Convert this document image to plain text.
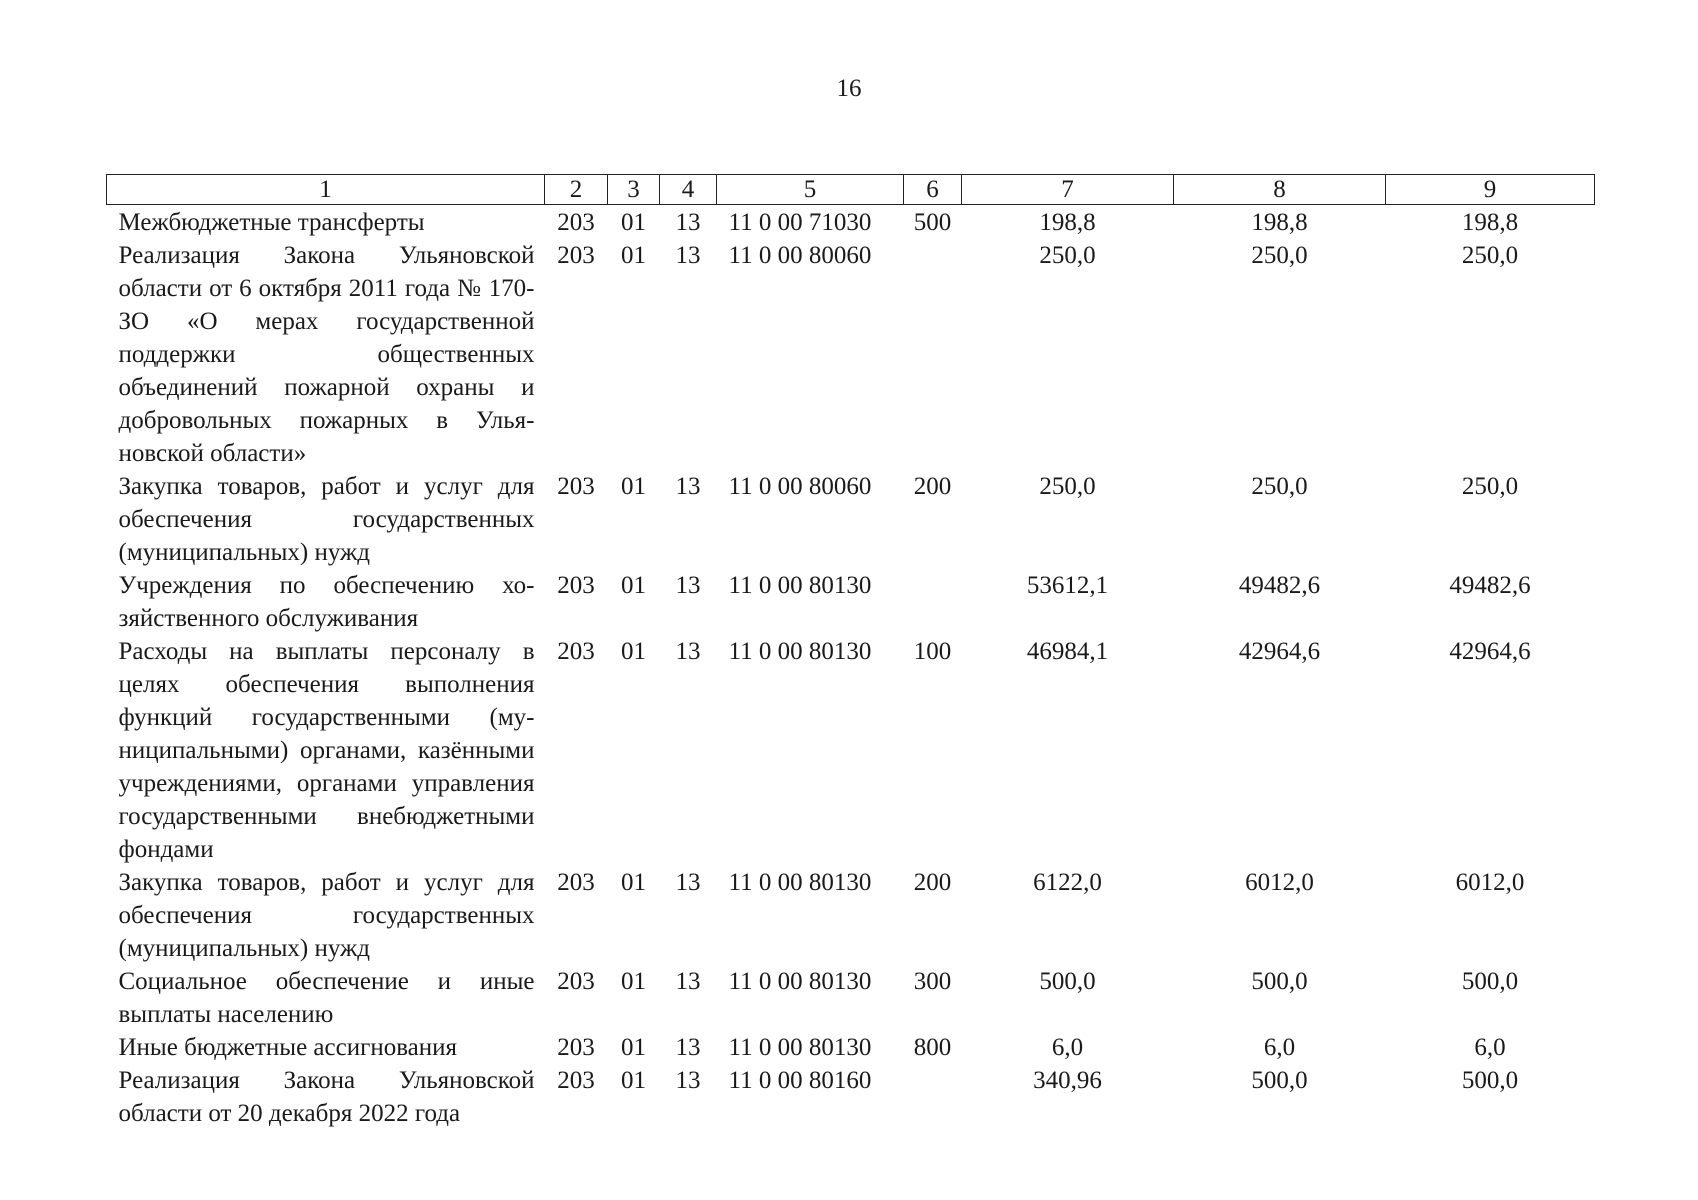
16
1	2	3	4	5	6	7	8	9
Межбюджетные трансферты	203	01	13	11 0 00 71030	500	198,8	198,8	198,8
Реализация Закона Ульяновской области от 6 октября 2011 года № 170-ЗО «О мерах государственной поддержки общественных объединений пожарной охраны и добровольных пожарных в Ульяновской области»	203	01	13	11 0 00 80060		250,0	250,0	250,0
Закупка товаров, работ и услуг для обеспечения государственных (муниципальных) нужд	203	01	13	11 0 00 80060	200	250,0	250,0	250,0
Учреждения по обеспечению хозяйственного обслуживания	203	01	13	11 0 00 80130		53612,1	49482,6	49482,6
Расходы на выплаты персоналу в целях обеспечения выполнения функций государственными (муниципальными) органами, казёнными учреждениями, органами управления государственными внебюджетными фондами	203	01	13	11 0 00 80130	100	46984,1	42964,6	42964,6
Закупка товаров, работ и услуг для обеспечения государственных (муниципальных) нужд	203	01	13	11 0 00 80130	200	6122,0	6012,0	6012,0
Социальное обеспечение и иные выплаты населению	203	01	13	11 0 00 80130	300	500,0	500,0	500,0
Иные бюджетные ассигнования	203	01	13	11 0 00 80130	800	6,0	6,0	6,0
Реализация Закона Ульяновской области от 20 декабря 2022 года	203	01	13	11 0 00 80160		340,96	500,0	500,0
